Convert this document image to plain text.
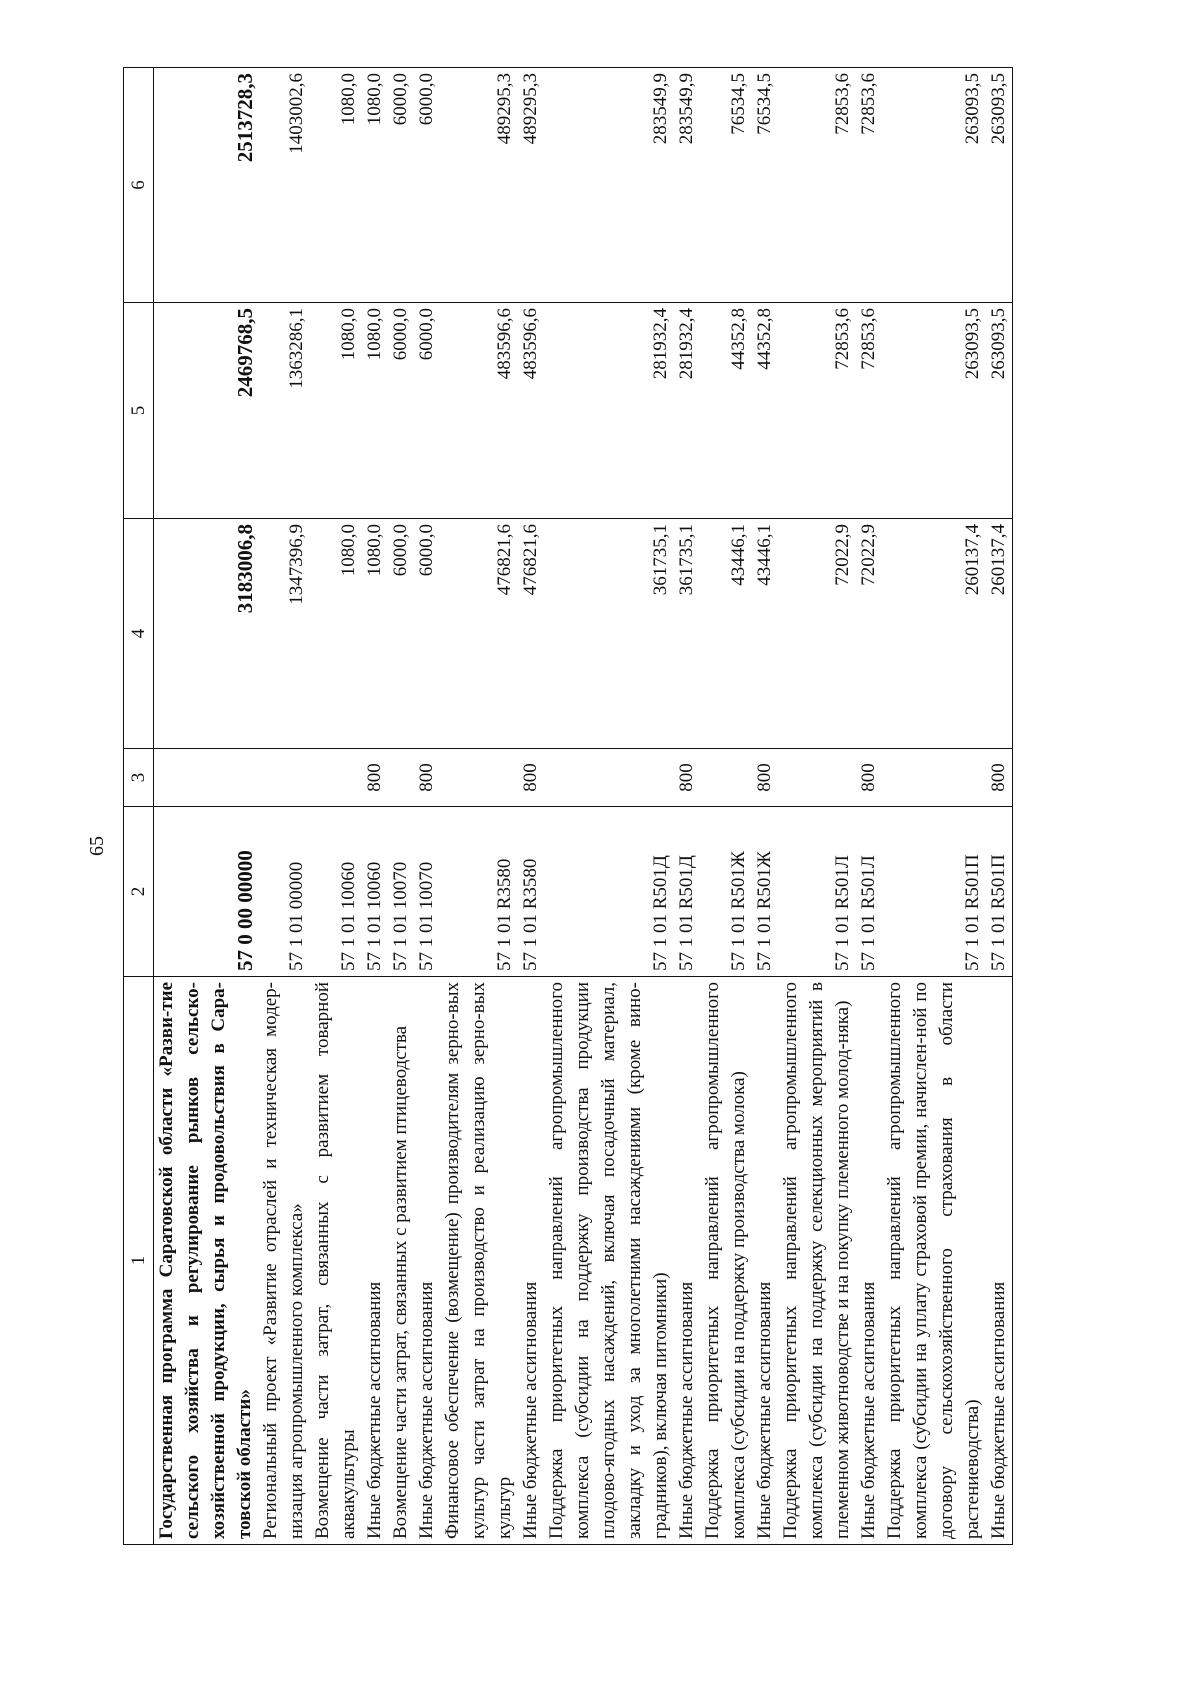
65
1	2	3	4	5	6
Государственная программа Саратовской области «Разви-тие сельского хозяйства и регулирование рынков сельско-хозяйственной продукции, сырья и продовольствия в Сара-товской области»	57 0 00 00000		3183006,8	2469768,5	2513728,3
Региональный проект «Развитие отраслей и техническая модер-низация агропромышленного комплекса»	57 1 01 00000		1347396,9	1363286,1	1403002,6
Возмещение части затрат, связанных с развитием товарной аквакультуры	57 1 01 10060		1080,0	1080,0	1080,0
Иные бюджетные ассигнования	57 1 01 10060	800	1080,0	1080,0	1080,0
Возмещение части затрат, связанных с развитием птицеводства	57 1 01 10070		6000,0	6000,0	6000,0
Иные бюджетные ассигнования	57 1 01 10070	800	6000,0	6000,0	6000,0
Финансовое обеспечение (возмещение) производителям зерно-вых культур части затрат на производство и реализацию зерно-вых культур	57 1 01 R3580		476821,6	483596,6	489295,3
Иные бюджетные ассигнования	57 1 01 R3580	800	476821,6	483596,6	489295,3
Поддержка приоритетных направлений агропромышленного комплекса (субсидии на поддержку производства продукции плодово-ягодных насаждений, включая посадочный материал, закладку и уход за многолетними насаждениями (кроме вино-градников), включая питомники)	57 1 01 R501Д		361735,1	281932,4	283549,9
Иные бюджетные ассигнования	57 1 01 R501Д	800	361735,1	281932,4	283549,9
Поддержка приоритетных направлений агропромышленного комплекса (субсидии на поддержку производства молока)	57 1 01 R501Ж		43446,1	44352,8	76534,5
Иные бюджетные ассигнования	57 1 01 R501Ж	800	43446,1	44352,8	76534,5
Поддержка приоритетных направлений агропромышленного комплекса (субсидии на поддержку селекционных мероприятий в племенном животноводстве и на покупку племенного молод-няка)	57 1 01 R501Л		72022,9	72853,6	72853,6
Иные бюджетные ассигнования	57 1 01 R501Л	800	72022,9	72853,6	72853,6
Поддержка приоритетных направлений агропромышленного комплекса (субсидии на уплату страховой премии, начислен-ной по договору сельскохозяйственного страхования в области растениеводства)	57 1 01 R501П		260137,4	263093,5	263093,5
Иные бюджетные ассигнования	57 1 01 R501П	800	260137,4	263093,5	263093,5
